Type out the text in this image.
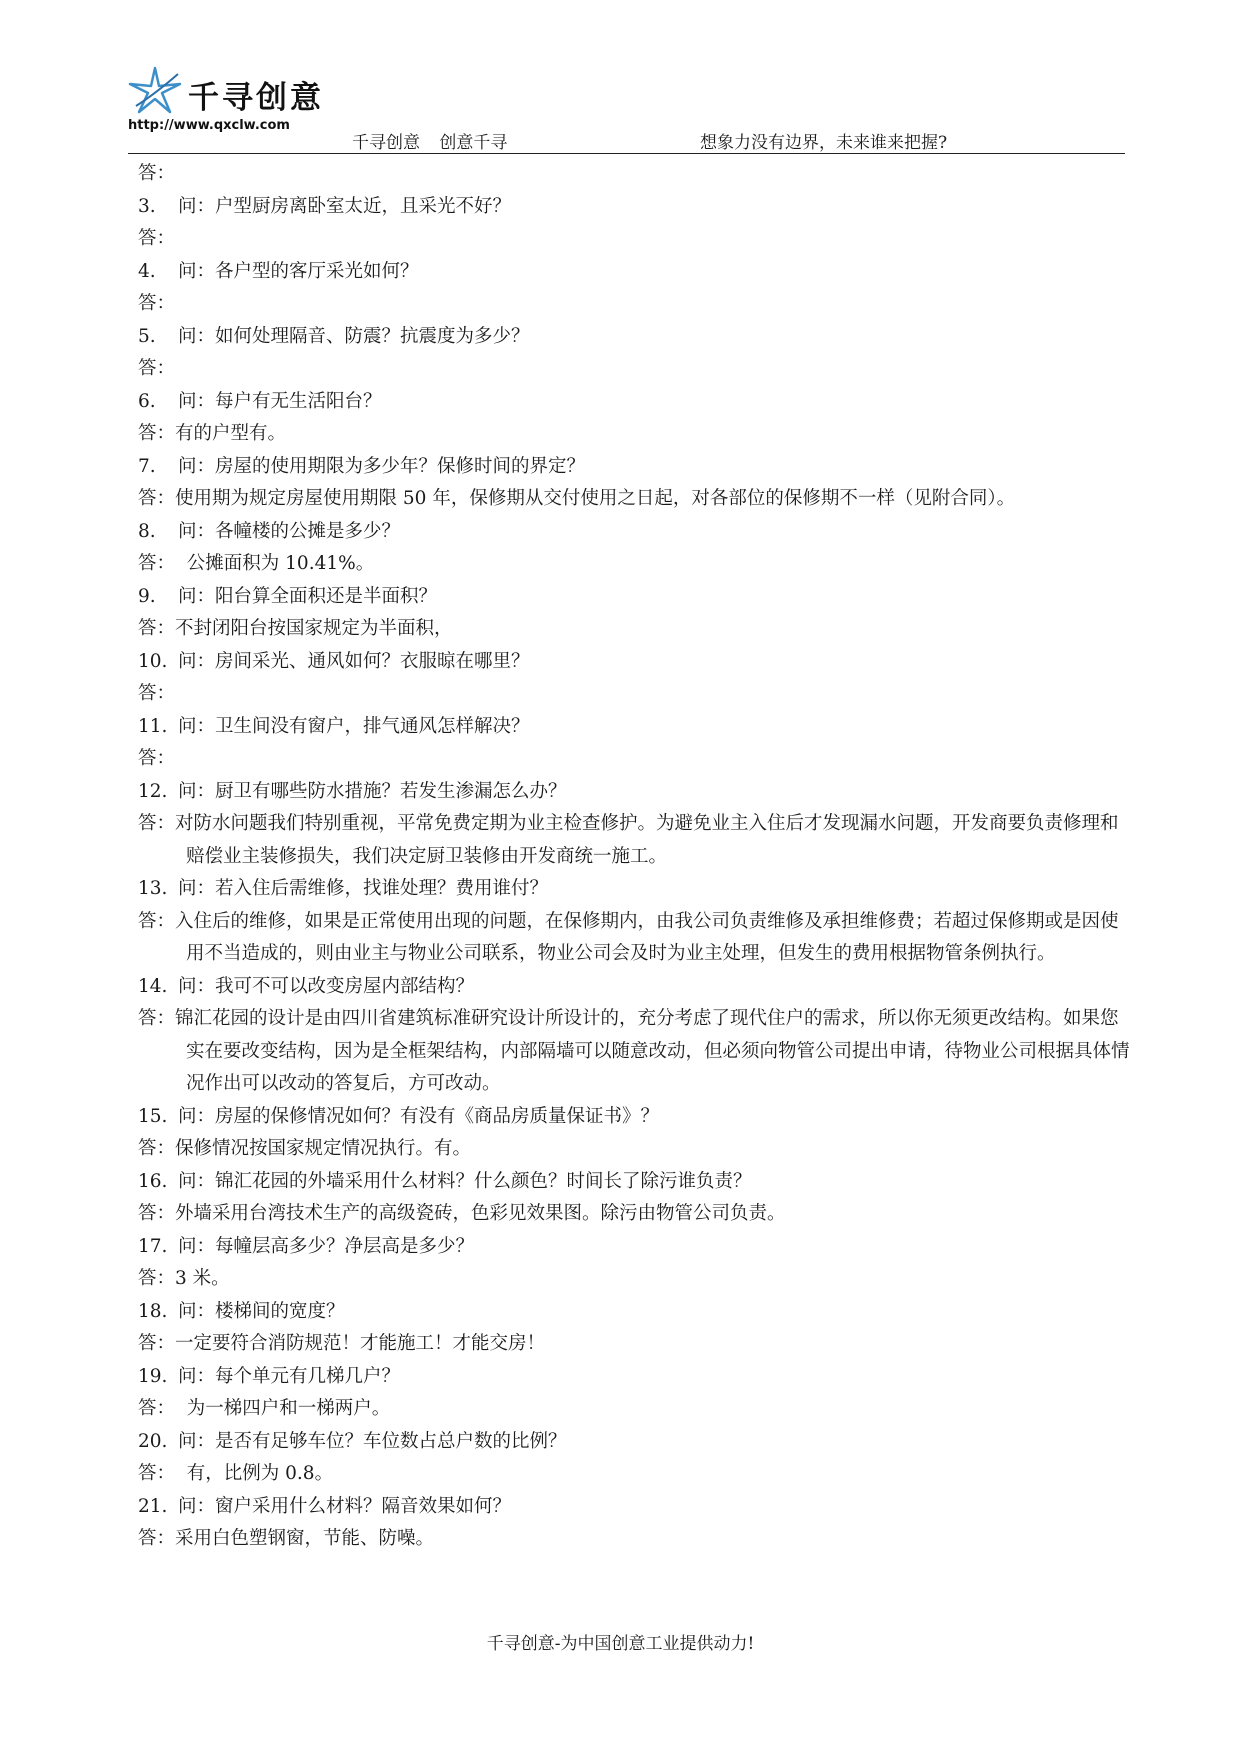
千寻创意
http://www.qxclw.com
千寻创意 创意千寻	想象力没有边界，未来谁来把握?
答：
3. 问：户型厨房离卧室太近，且采光不好？
答：
4. 问：各户型的客厅采光如何？
答：
5. 问：如何处理隔音、防震？抗震度为多少？
答：
6. 问：每户有无生活阳台？
答：有的户型有。
7. 问：房屋的使用期限为多少年？保修时间的界定？
答：使用期为规定房屋使用期限 50 年，保修期从交付使用之日起，对各部位的保修期不一样（见附合同）。
8. 问：各幢楼的公摊是多少？
答：  公摊面积为 10.41%。
9. 问：阳台算全面积还是半面积？
答：不封闭阳台按国家规定为半面积，
10. 问：房间采光、通风如何？衣服晾在哪里？
答：
11. 问：卫生间没有窗户，排气通风怎样解决？
答：
12. 问：厨卫有哪些防水措施？若发生渗漏怎么办？
答：对防水问题我们特别重视，平常免费定期为业主检查修护。为避免业主入住后才发现漏水问题，开发商要负责修理和赔偿业主装修损失，我们决定厨卫装修由开发商统一施工。
13. 问：若入住后需维修，找谁处理？费用谁付？
答：入住后的维修，如果是正常使用出现的问题，在保修期内，由我公司负责维修及承担维修费；若超过保修期或是因使用不当造成的，则由业主与物业公司联系，物业公司会及时为业主处理，但发生的费用根据物管条例执行。
14. 问：我可不可以改变房屋内部结构？
答：锦汇花园的设计是由四川省建筑标准研究设计所设计的，充分考虑了现代住户的需求，所以你无须更改结构。如果您实在要改变结构，因为是全框架结构，内部隔墙可以随意改动，但必须向物管公司提出申请，待物业公司根据具体情况作出可以改动的答复后，方可改动。
15. 问：房屋的保修情况如何？有没有《商品房质量保证书》？
答：保修情况按国家规定情况执行。有。
16. 问：锦汇花园的外墙采用什么材料？什么颜色？时间长了除污谁负责？
答：外墙采用台湾技术生产的高级瓷砖，色彩见效果图。除污由物管公司负责。
17. 问：每幢层高多少？净层高是多少？
答：3 米。
18. 问：楼梯间的宽度？
答：一定要符合消防规范！才能施工！才能交房！
19. 问：每个单元有几梯几户？
答：  为一梯四户和一梯两户。
20. 问：是否有足够车位？车位数占总户数的比例？
答：  有，比例为 0.8。
21. 问：窗户采用什么材料？隔音效果如何？
答：采用白色塑钢窗，节能、防噪。
千寻创意-为中国创意工业提供动力!
